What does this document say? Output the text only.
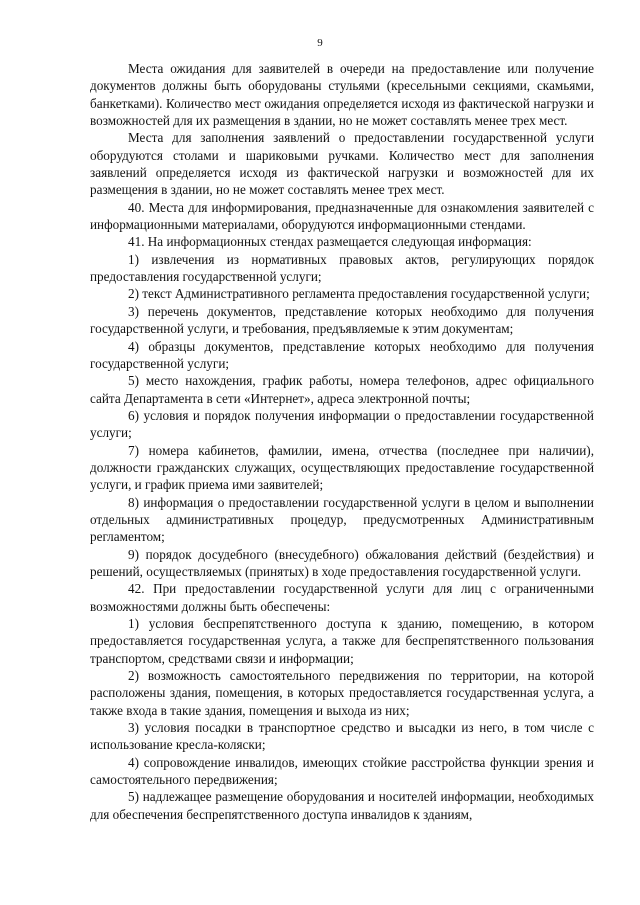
9

Места ожидания для заявителей в очереди на предоставление или получение документов должны быть оборудованы стульями (кресельными секциями, скамьями, банкетками). Количество мест ожидания определяется исходя из фактической нагрузки и возможностей для их размещения в здании, но не может составлять менее трех мест.

Места для заполнения заявлений о предоставлении государственной услуги оборудуются столами и шариковыми ручками. Количество мест для заполнения заявлений определяется исходя из фактической нагрузки и возможностей для их размещения в здании, но не может составлять менее трех мест.

40. Места для информирования, предназначенные для ознакомления заявителей с информационными материалами, оборудуются информационными стендами.

41. На информационных стендах размещается следующая информация:

1) извлечения из нормативных правовых актов, регулирующих порядок предоставления государственной услуги;

2) текст Административного регламента предоставления государственной услуги;

3) перечень документов, представление которых необходимо для получения государственной услуги, и требования, предъявляемые к этим документам;

4) образцы документов, представление которых необходимо для получения государственной услуги;

5) место нахождения, график работы, номера телефонов, адрес официального сайта Департамента в сети «Интернет», адреса электронной почты;

6) условия и порядок получения информации о предоставлении государственной услуги;

7) номера кабинетов, фамилии, имена, отчества (последнее при наличии), должности гражданских служащих, осуществляющих предоставление государственной услуги, и график приема ими заявителей;

8) информация о предоставлении государственной услуги в целом и выполнении отдельных административных процедур, предусмотренных Административным регламентом;

9) порядок досудебного (внесудебного) обжалования действий (бездействия) и решений, осуществляемых (принятых) в ходе предоставления государственной услуги.

42. При предоставлении государственной услуги для лиц с ограниченными возможностями должны быть обеспечены:

1) условия беспрепятственного доступа к зданию, помещению, в котором предоставляется государственная услуга, а также для беспрепятственного пользования транспортом, средствами связи и информации;

2) возможность самостоятельного передвижения по территории, на которой расположены здания, помещения, в которых предоставляется государственная услуга, а также входа в такие здания, помещения и выхода из них;

3) условия посадки в транспортное средство и высадки из него, в том числе с использование кресла-коляски;

4) сопровождение инвалидов, имеющих стойкие расстройства функции зрения и самостоятельного передвижения;

5) надлежащее размещение оборудования и носителей информации, необходимых для обеспечения беспрепятственного доступа инвалидов к зданиям,
